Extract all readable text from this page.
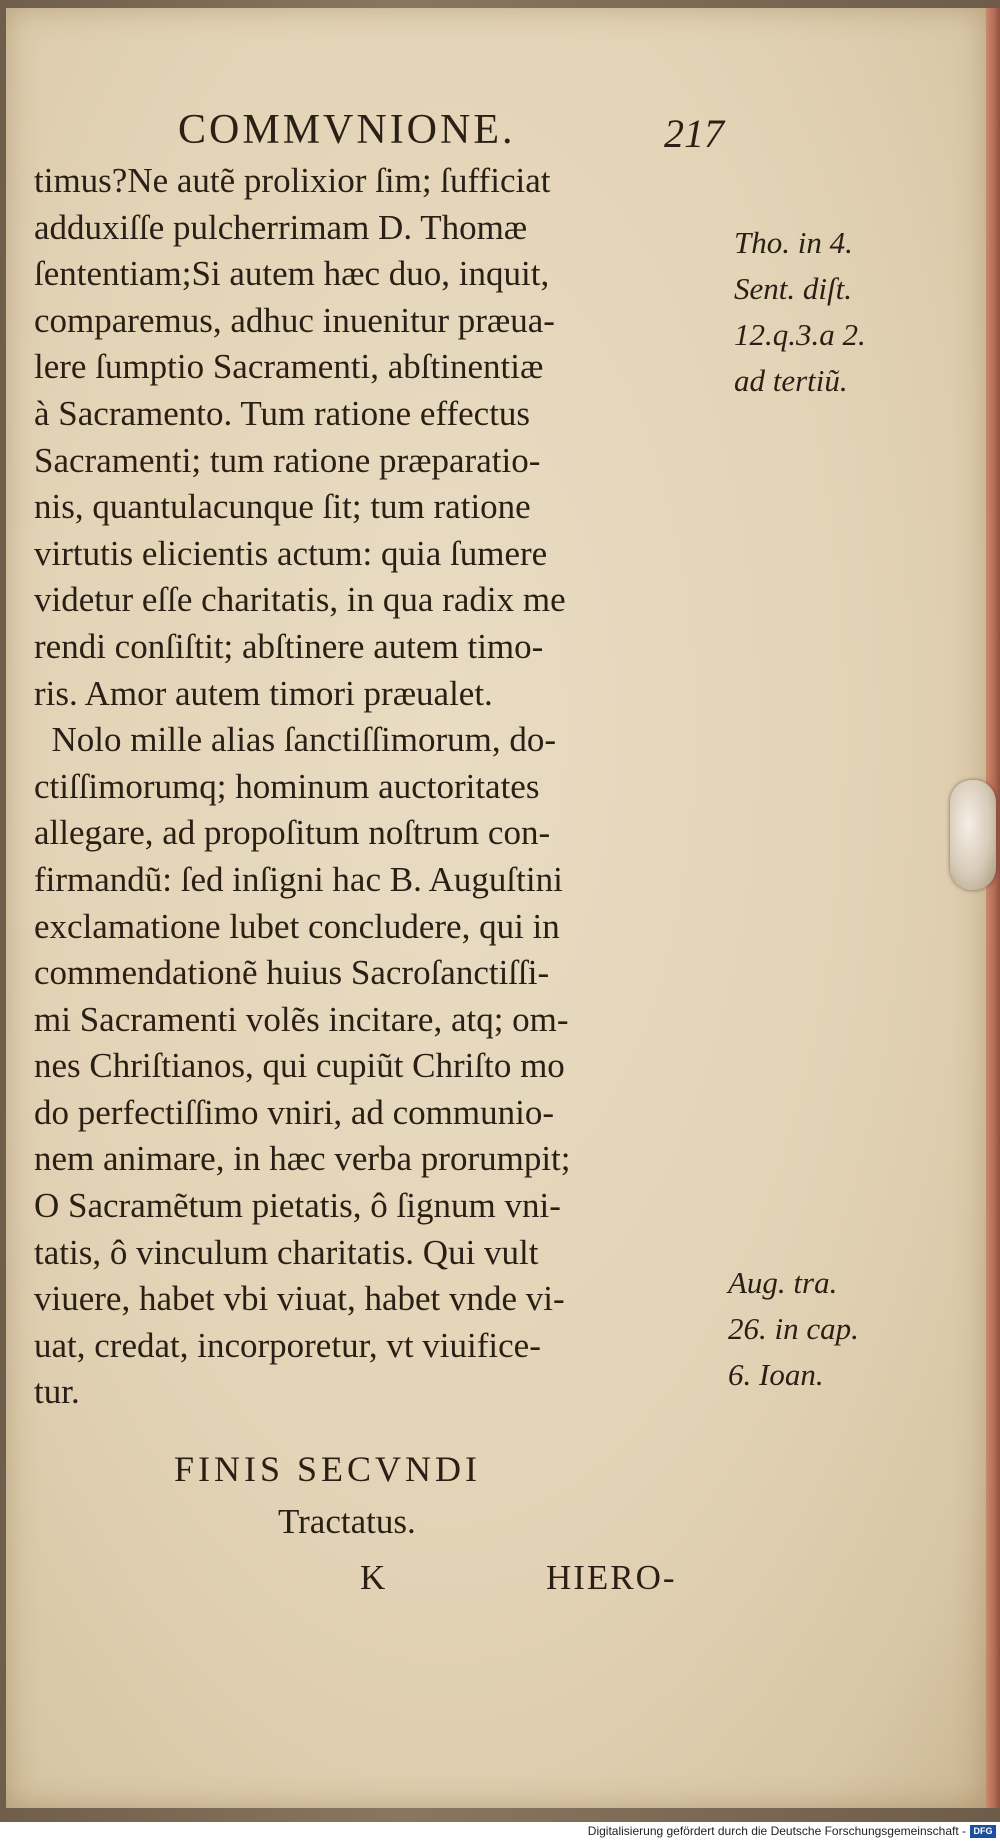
COMMVNIONE.	217
timus?Ne autẽ prolixior ſim; ſufficiat
adduxiſſe pulcherrimam D. Thomæ
ſententiam;Si autem hæc duo, inquit,
comparemus, adhuc inuenitur præua-
lere ſumptio Sacramenti, abſtinentiæ
à Sacramento. Tum ratione effectus
Sacramenti; tum ratione præparatio-
nis, quantulacunque ſit; tum ratione
virtutis elicientis actum: quia ſumere
videtur eſſe charitatis, in qua radix me
rendi conſiſtit; abſtinere autem timo-
ris. Amor autem timori præualet.
Nolo mille alias ſanctiſſimorum, do-
ctiſſimorumq; hominum auctoritates
allegare, ad propoſitum noſtrum con-
firmandũ: ſed inſigni hac B. Auguſtini
exclamatione lubet concludere, qui in
commendationẽ huius Sacroſanctiſſi-
mi Sacramenti volẽs incitare, atq; om-
nes Chriſtianos, qui cupiũt Chriſto mo
do perfectiſſimo vniri, ad communio-
nem animare, in hæc verba prorumpit;
O Sacramẽtum pietatis, ô ſignum vni-
tatis, ô vinculum charitatis. Qui vult
viuere, habet vbi viuat, habet vnde vi-
uat, credat, incorporetur, vt viuifice-
tur.
Tho. in 4.
Sent. diſt.
12.q.3.a 2.
ad tertiũ.
Aug. tra.
26. in cap.
6. Ioan.
FINIS SECVNDI
Tractatus.
K	HIERO-
Digitalisierung gefördert durch die Deutsche Forschungsgemeinschaft - DFG
